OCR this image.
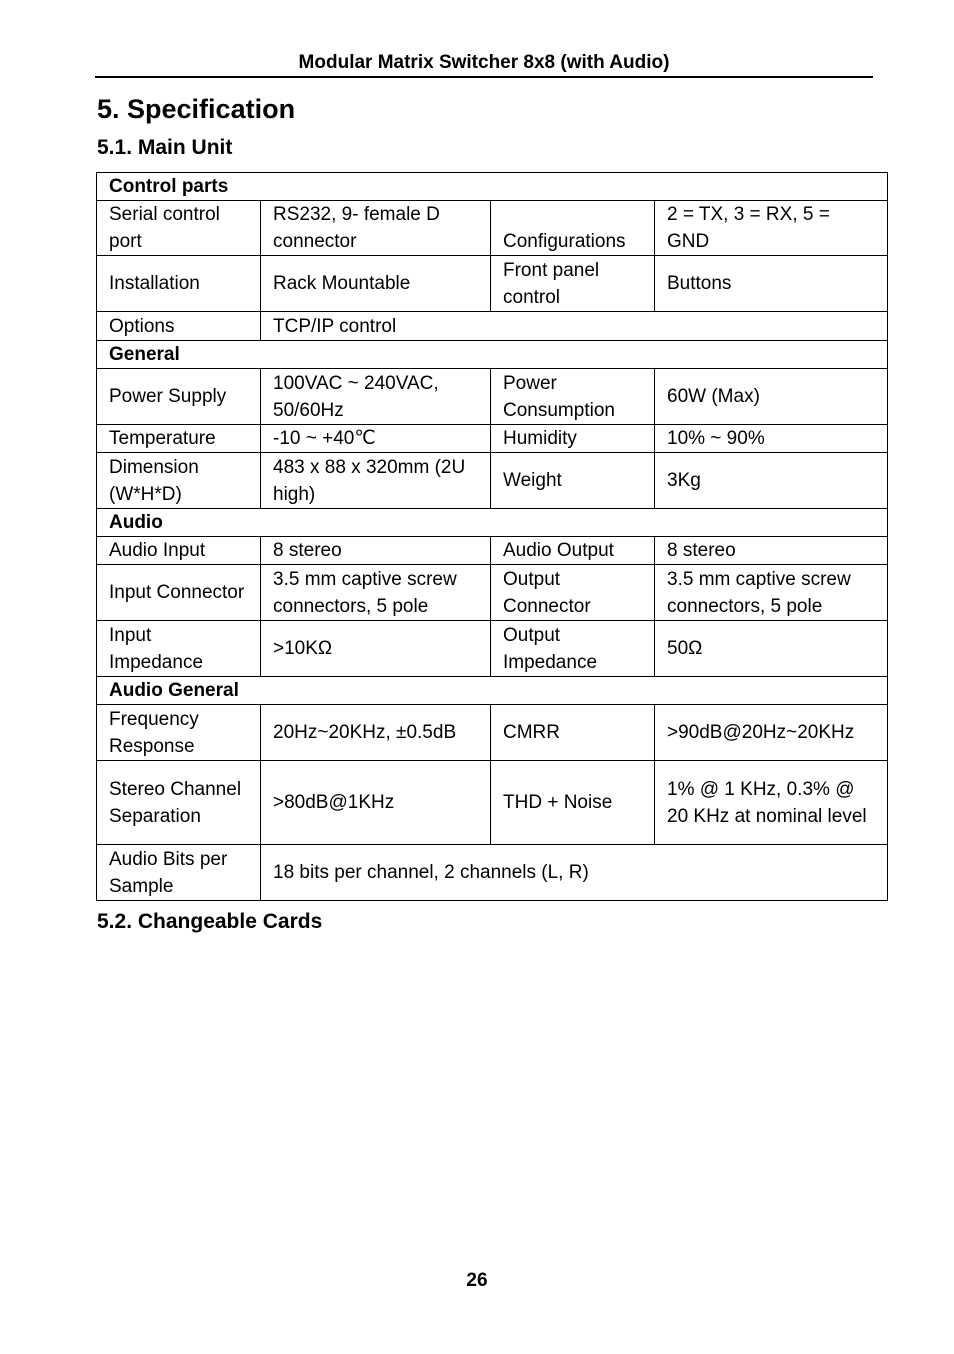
Modular Matrix Switcher 8x8 (with Audio)
5. Specification
5.1. Main Unit
Control parts			
Serial control port	RS232, 9- female D connector	Configurations	2 = TX, 3 = RX, 5 = GND
Installation	Rack Mountable	Front panel control	Buttons
Options	TCP/IP control		
General			
Power Supply	100VAC ~ 240VAC, 50/60Hz	Power Consumption	60W (Max)
Temperature	-10 ~ +40℃	Humidity	10% ~ 90%
Dimension (W*H*D)	483 x 88 x 320mm (2U high)	Weight	3Kg
Audio			
Audio Input	8 stereo	Audio Output	8 stereo
Input Connector	3.5 mm captive screw connectors, 5 pole	Output Connector	3.5 mm captive screw connectors, 5 pole
Input Impedance	>10KΩ	Output Impedance	50Ω
Audio General			
Frequency Response	20Hz~20KHz, ±0.5dB	CMRR	>90dB@20Hz~20KHz
Stereo Channel Separation	>80dB@1KHz	THD + Noise	1% @ 1 KHz, 0.3% @ 20 KHz at nominal level
Audio Bits per Sample	18 bits per channel, 2 channels (L, R)		
5.2. Changeable Cards
26
